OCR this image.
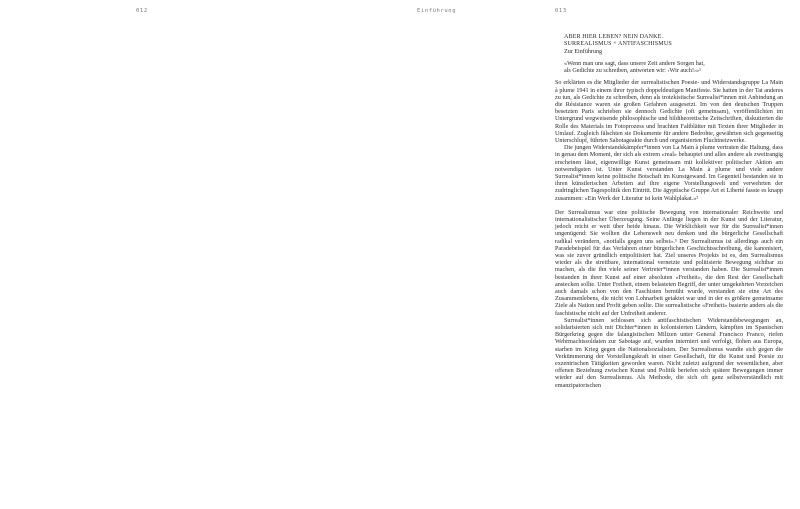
012	Einführung	013
ABER HIER LEBEN? NEIN DANKE.
SURREALISMUS + ANTIFASCHISMUS
Zur Einführung
«Wenn man uns sagt, dass unsere Zeit andere Sorgen hat,
als Gedichte zu schreiben, antworten wir: ‹Wir auch!›»¹

So erklärten es die Mitglieder der surrealistischen Poesie- und Widerstandsgruppe La Main à plume 1941 in einem ihrer typisch doppeldeutigen Manifeste. Sie hatten in der Tat anderes zu tun, als Gedichte zu schreiben, denn als trotzkistische Surrealist*innen mit Anbindung an die Résistance waren sie großen Gefahren ausgesetzt. Im von den deutschen Truppen besetzten Paris schrieben sie dennoch Gedichte (oft gemeinsam), veröffentlichten im Untergrund wegweisende philosophische und bildtheoretische Zeitschriften, diskutierten die Rolle des Materials im Fotoprozess und brachten Faltblätter mit Texten ihrer Mitglieder in Umlauf. Zugleich fälschten sie Dokumente für andere Bedrohte, gewährten sich gegenseitig Unterschlupf, führten Sabotageakte durch und organisierten Fluchtnetzwerke.

Die jungen Widerstandskämpfer*innen von La Main à plume vertraten die Haltung, dass in genau dem Moment, der sich als extrem «real» behauptet und alles andere als zweitrangig erscheinen lässt, eigenwillige Kunst gemeinsam mit kollektiver politischer Aktion am notwendigsten ist. Unter Kunst verstanden La Main à plume und viele andere Surrealist*innen keine politische Botschaft im Kunstgewand. Im Gegenteil bestanden sie in ihren künstlerischen Arbeiten auf ihre eigene Vorstellungswelt und verwehrten der zudringlichen Tagespolitik den Eintritt. Die ägyptische Gruppe Art et Liberté fasste es knapp zusammen: «Ein Werk der Literatur ist kein Wahlplakat.»²

Der Surrealismus war eine politische Bewegung von internationaler Reichweite und internationalistischer Überzeugung. Seine Anfänge liegen in der Kunst und der Literatur, jedoch reicht er weit über beide hinaus. Die Wirklichkeit war für die Surrealist*innen ungenügend: Sie wollten die Lebenswelt neu denken und die bürgerliche Gesellschaft radikal verändern, «notfalls gegen uns selbst».³ Der Surrealismus ist allerdings auch ein Paradebeispiel für das Verfahren einer bürgerlichen Geschichtsschreibung, die kanonisiert, was sie zuvor gründlich entpolitisiert hat. Ziel unseres Projekts ist es, den Surrealismus wieder als die streitbare, international vernetzte und politisierte Bewegung sichtbar zu machen, als die ihn viele seiner Vertreter*innen verstanden haben. Die Surrealist*innen bestanden in ihrer Kunst auf einer absoluten «Freiheit», die den Rest der Gesellschaft anstecken sollte. Unter Freiheit, einem belasteten Begriff, der unter umgekehrten Vorzeichen auch damals schon von den Faschisten bemüht wurde, verstanden sie eine Art des Zusammenlebens, die nicht von Lohnarbeit getaktet war und in der es größere gemeinsame Ziele als Nation und Profit geben sollte. Die surrealistische «Freiheit» basierte anders als die faschistische nicht auf der Unfreiheit anderer.

Surrealist*innen schlossen sich antifaschistischen Widerstandsbewegungen an, solidarisierten sich mit Dichter*innen in kolonisierten Ländern, kämpften im Spanischen Bürgerkrieg gegen die falangistischen Milizen unter General Francisco Franco, riefen Wehrmachtssoldaten zur Sabotage auf, wurden interniert und verfolgt, flohen aus Europa, starben im Krieg gegen die Nationalsozialisten. Der Surrealismus wandte sich gegen die Verkümmerung der Vorstellungskraft in einer Gesellschaft, für die Kunst und Poesie zu exzentrischen Tätigkeiten geworden waren. Nicht zuletzt aufgrund der wesentlichen, aber offenen Beziehung zwischen Kunst und Politik beriefen sich spätere Bewegungen immer wieder auf den Surrealismus. Als Methode, die sich oft ganz selbstverständlich mit emanzipatorischen
